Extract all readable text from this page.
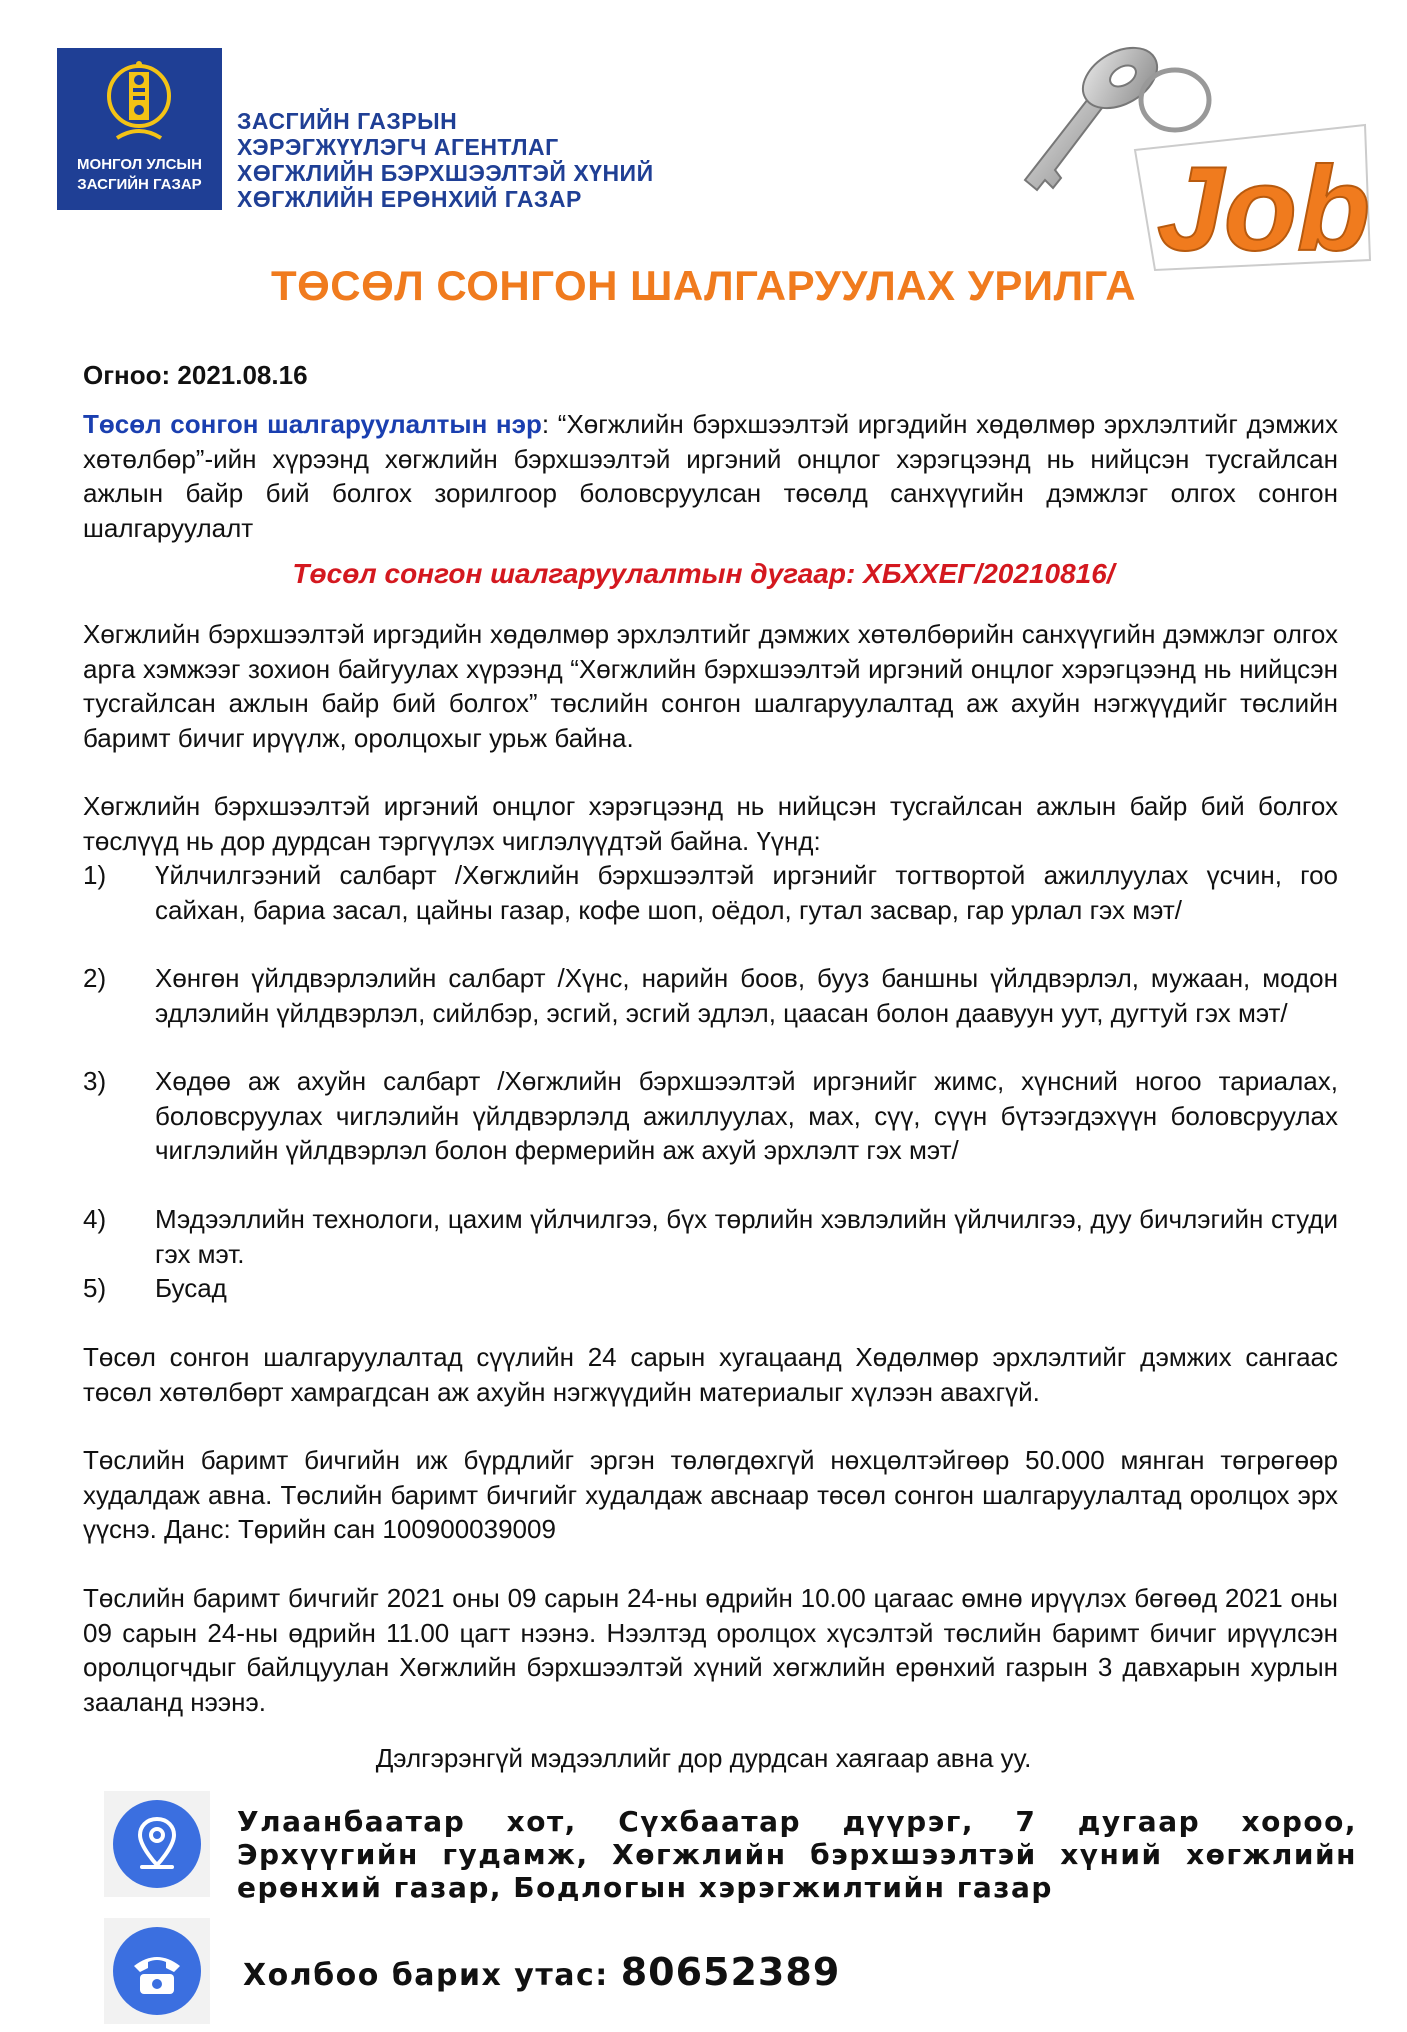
МОНГОЛ УЛСЫН
ЗАСГИЙН ГАЗАР
ЗАСГИЙН ГАЗРЫН
ХЭРЭГЖҮҮЛЭГЧ АГЕНТЛАГ
ХӨГЖЛИЙН БЭРХШЭЭЛТЭЙ ХҮНИЙ
ХӨГЖЛИЙН ЕРӨНХИЙ ГАЗАР	Job
ТӨСӨЛ СОНГОН ШАЛГАРУУЛАХ УРИЛГА
Огноо: 2021.08.16
Төсөл сонгон шалгаруулалтын нэр: “Хөгжлийн бэрхшээлтэй иргэдийн хөдөлмөр эрхлэлтийг дэмжих хөтөлбөр”-ийн хүрээнд хөгжлийн бэрхшээлтэй иргэний онцлог хэрэгцээнд нь нийцсэн тусгайлсан ажлын байр бий болгох зорилгоор боловсруулсан төсөлд санхүүгийн дэмжлэг олгох сонгон шалгаруулалт
Төсөл сонгон шалгаруулалтын дугаар: ХБХХЕГ/20210816/
Хөгжлийн бэрхшээлтэй иргэдийн хөдөлмөр эрхлэлтийг дэмжих хөтөлбөрийн санхүүгийн дэмжлэг олгох арга хэмжээг зохион байгуулах хүрээнд “Хөгжлийн бэрхшээлтэй иргэний онцлог хэрэгцээнд нь нийцсэн тусгайлсан ажлын байр бий болгох” төслийн сонгон шалгаруулалтад аж ахуйн нэгжүүдийг төслийн баримт бичиг ирүүлж, оролцохыг урьж байна.
Хөгжлийн бэрхшээлтэй иргэний онцлог хэрэгцээнд нь нийцсэн тусгайлсан ажлын байр бий болгох төслүүд нь дор дурдсан тэргүүлэх чиглэлүүдтэй байна. Үүнд:
1)	Үйлчилгээний салбарт /Хөгжлийн бэрхшээлтэй иргэнийг тогтвортой ажиллуулах үсчин, гоо сайхан, бариа засал, цайны газар, кофе шоп, оёдол, гутал засвар, гар урлал гэх мэт/
2)	Хөнгөн үйлдвэрлэлийн салбарт /Хүнс, нарийн боов, бууз баншны үйлдвэрлэл, мужаан, модон эдлэлийн үйлдвэрлэл, сийлбэр, эсгий, эсгий эдлэл, цаасан болон даавуун уут, дугтуй гэх мэт/
3)	Хөдөө аж ахуйн салбарт /Хөгжлийн бэрхшээлтэй иргэнийг жимс, хүнсний ногоо тариалах, боловсруулах чиглэлийн үйлдвэрлэлд ажиллуулах, мах, сүү, сүүн бүтээгдэхүүн боловсруулах чиглэлийн үйлдвэрлэл болон фермерийн аж ахуй эрхлэлт гэх мэт/
4)	Мэдээллийн технологи, цахим үйлчилгээ, бүх төрлийн хэвлэлийн үйлчилгээ, дуу бичлэгийн студи гэх мэт.
5)	Бусад
Төсөл сонгон шалгаруулалтад сүүлийн 24 сарын хугацаанд Хөдөлмөр эрхлэлтийг дэмжих сангаас төсөл хөтөлбөрт хамрагдсан аж ахуйн нэгжүүдийн материалыг хүлээн авахгүй.
Төслийн баримт бичгийн иж бүрдлийг эргэн төлөгдөхгүй нөхцөлтэйгөөр 50.000 мянган төгрөгөөр худалдаж авна. Төслийн баримт бичгийг худалдаж авснаар төсөл сонгон шалгаруулалтад оролцох эрх үүснэ. Данс: Төрийн сан 100900039009
Төслийн баримт бичгийг 2021 оны 09 сарын 24-ны өдрийн 10.00 цагаас өмнө ирүүлэх бөгөөд 2021 оны 09 сарын 24-ны өдрийн 11.00 цагт нээнэ. Нээлтэд оролцох хүсэлтэй төслийн баримт бичиг ирүүлсэн оролцогчдыг байлцуулан Хөгжлийн бэрхшээлтэй хүний хөгжлийн ерөнхий газрын 3 давхарын хурлын зааланд нээнэ.
Дэлгэрэнгүй мэдээллийг дор дурдсан хаягаар авна уу.
Улаанбаатар хот, Сүхбаатар дүүрэг, 7 дугаар хороо, Эрхүүгийн гудамж, Хөгжлийн бэрхшээлтэй хүний хөгжлийн ерөнхий газар, Бодлогын хэрэгжилтийн газар
Холбоо барих утас: 80652389
